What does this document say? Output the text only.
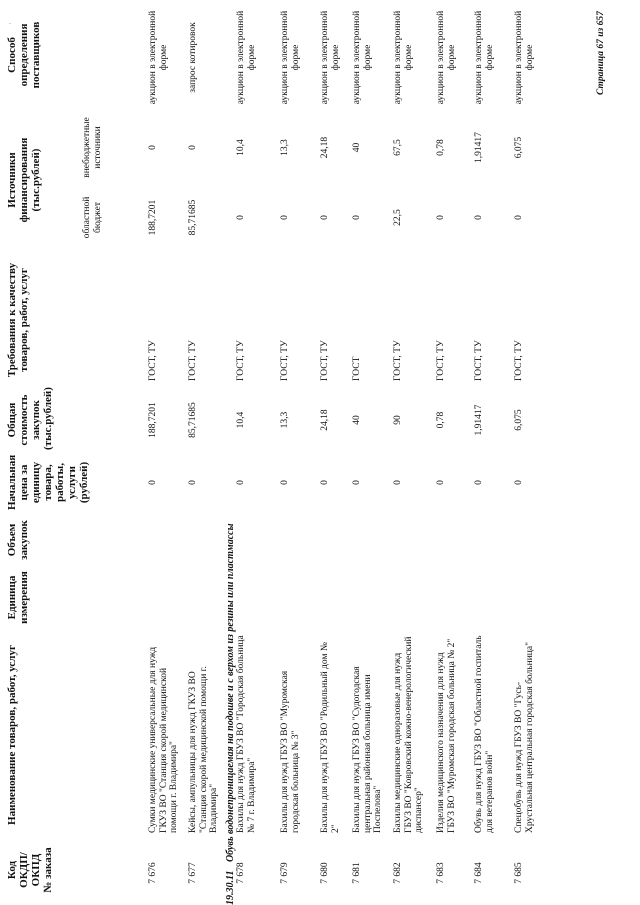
Код ОКДП/ ОКПД № заказа
Наименование товаров, работ, услуг
Единица измерения
Объем закупок
Начальная цена за единицу товара, работы, услуги (рублей)
Общая стоимость закупок (тыс.рублей)
Требования к качеству товаров, работ, услуг
Источники финансирования (тыс.рублей)
областной бюджет
внебюджетные источники
Способ определения поставщиков
7 676
Сумки медицинские универсальные для нужд ГКУЗ ВО "Станция скорой медицинской помощи г. Владимира"
0
188,7201
ГОСТ, ТУ
188,7201
0
аукцион в электронной форме
7 677
Кейсы, ампульницы для нужд ГКУЗ ВО "Станция скорой медицинской помощи г. Владимира"
0
85,71685
ГОСТ, ТУ
85,71685
0
запрос котировок
7 678
Бахилы для нужд ГБУЗ ВО "Городская больница № 7 г. Владимира"
0
10,4
ГОСТ, ТУ
0
10,4
аукцион в электронной форме
7 679
Бахилы для нужд ГБУЗ ВО "Муромская городская больница № 3"
0
13,3
ГОСТ, ТУ
0
13,3
аукцион в электронной форме
7 680
Бахилы для нужд ГБУЗ ВО "Родильный дом № 2"
0
24,18
ГОСТ, ТУ
0
24,18
аукцион в электронной форме
7 681
Бахилы для нужд ГБУЗ ВО "Судогодская центральная районная больница имени Поспелова"
0
40
ГОСТ
0
40
аукцион в электронной форме
7 682
Бахилы медицинские одноразовые для нужд ГБУЗ ВО "Ковровский кожно-венерологический диспансер"
0
90
ГОСТ, ТУ
22,5
67,5
аукцион в электронной форме
7 683
Изделия медицинского назначения для нужд ГБУЗ ВО "Муромская городская больница № 2"
0
0,78
ГОСТ, ТУ
0
0,78
аукцион в электронной форме
7 684
Обувь для нужд ГБУЗ ВО "Областной госпиталь для ветеранов войн"
0
1,91417
ГОСТ, ТУ
0
1,91417
аукцион в электронной форме
7 685
Спецобувь для нужд ГБУЗ ВО "Гусь-Хрустальная центральная городская больница"
0
6,075
ГОСТ, ТУ
0
6,075
аукцион в электронной форме
19.30.11 Обувь водонепроницаемая на подошве и с верхом из резины или пластмассы
Страница 67 из 657
·
